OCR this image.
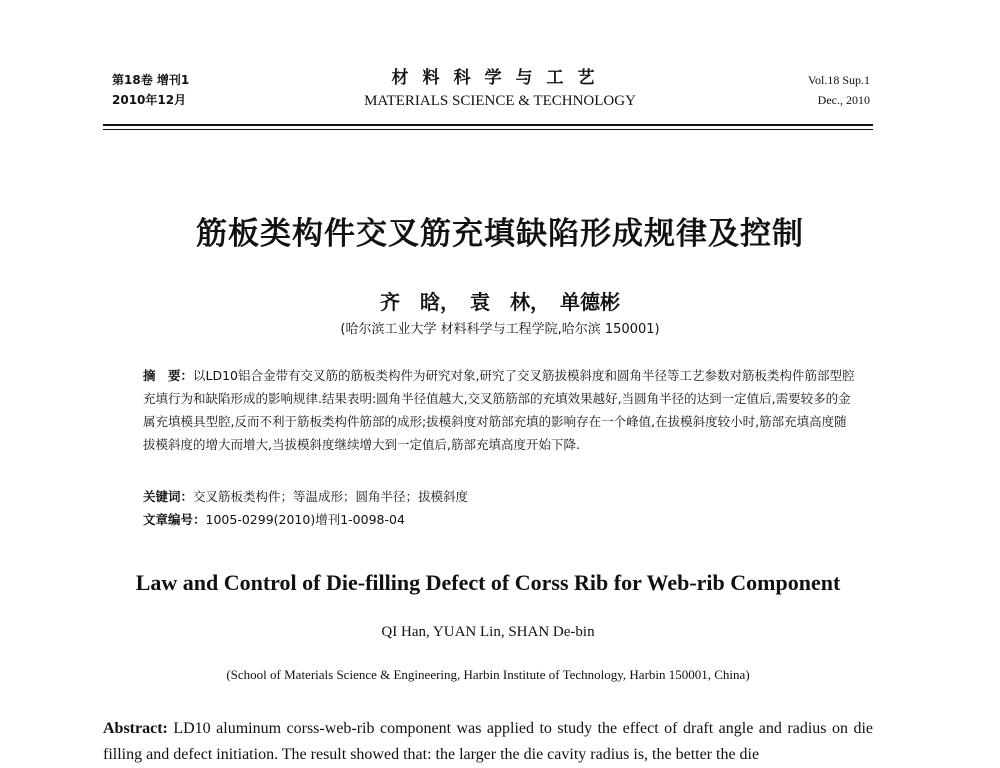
第18卷 增刊1
2010年12月
材料科学与工艺
MATERIALS SCIENCE & TECHNOLOGY
Vol.18 Sup.1
Dec., 2010
筋板类构件交叉筋充填缺陷形成规律及控制
齐　晗，　袁　林，　单德彬
(哈尔滨工业大学 材料科学与工程学院,哈尔滨 150001)
摘　要：以LD10铝合金带有交叉筋的筋板类构件为研究对象,研究了交叉筋拔模斜度和圆角半径等工艺参数对筋板类构件筋部型腔充填行为和缺陷形成的影响规律.结果表明:圆角半径值越大,交叉筋筋部的充填效果越好,当圆角半径的达到一定值后,需要较多的金属充填模具型腔,反而不利于筋板类构件筋部的成形;拔模斜度对筋部充填的影响存在一个峰值,在拔模斜度较小时,筋部充填高度随拔模斜度的增大而增大,当拔模斜度继续增大到一定值后,筋部充填高度开始下降.
关键词：交叉筋板类构件；等温成形；圆角半径；拔模斜度
文章编号：1005-0299(2010)增刊1-0098-04
Law and Control of Die-filling Defect of Corss Rib for Web-rib Component
QI Han, YUAN Lin, SHAN De-bin
(School of Materials Science & Engineering, Harbin Institute of Technology, Harbin 150001, China)
Abstract: LD10 aluminum corss-web-rib component was applied to study the effect of draft angle and radius on die filling and defect initiation. The result showed that: the larger the die cavity radius is, the better the die
